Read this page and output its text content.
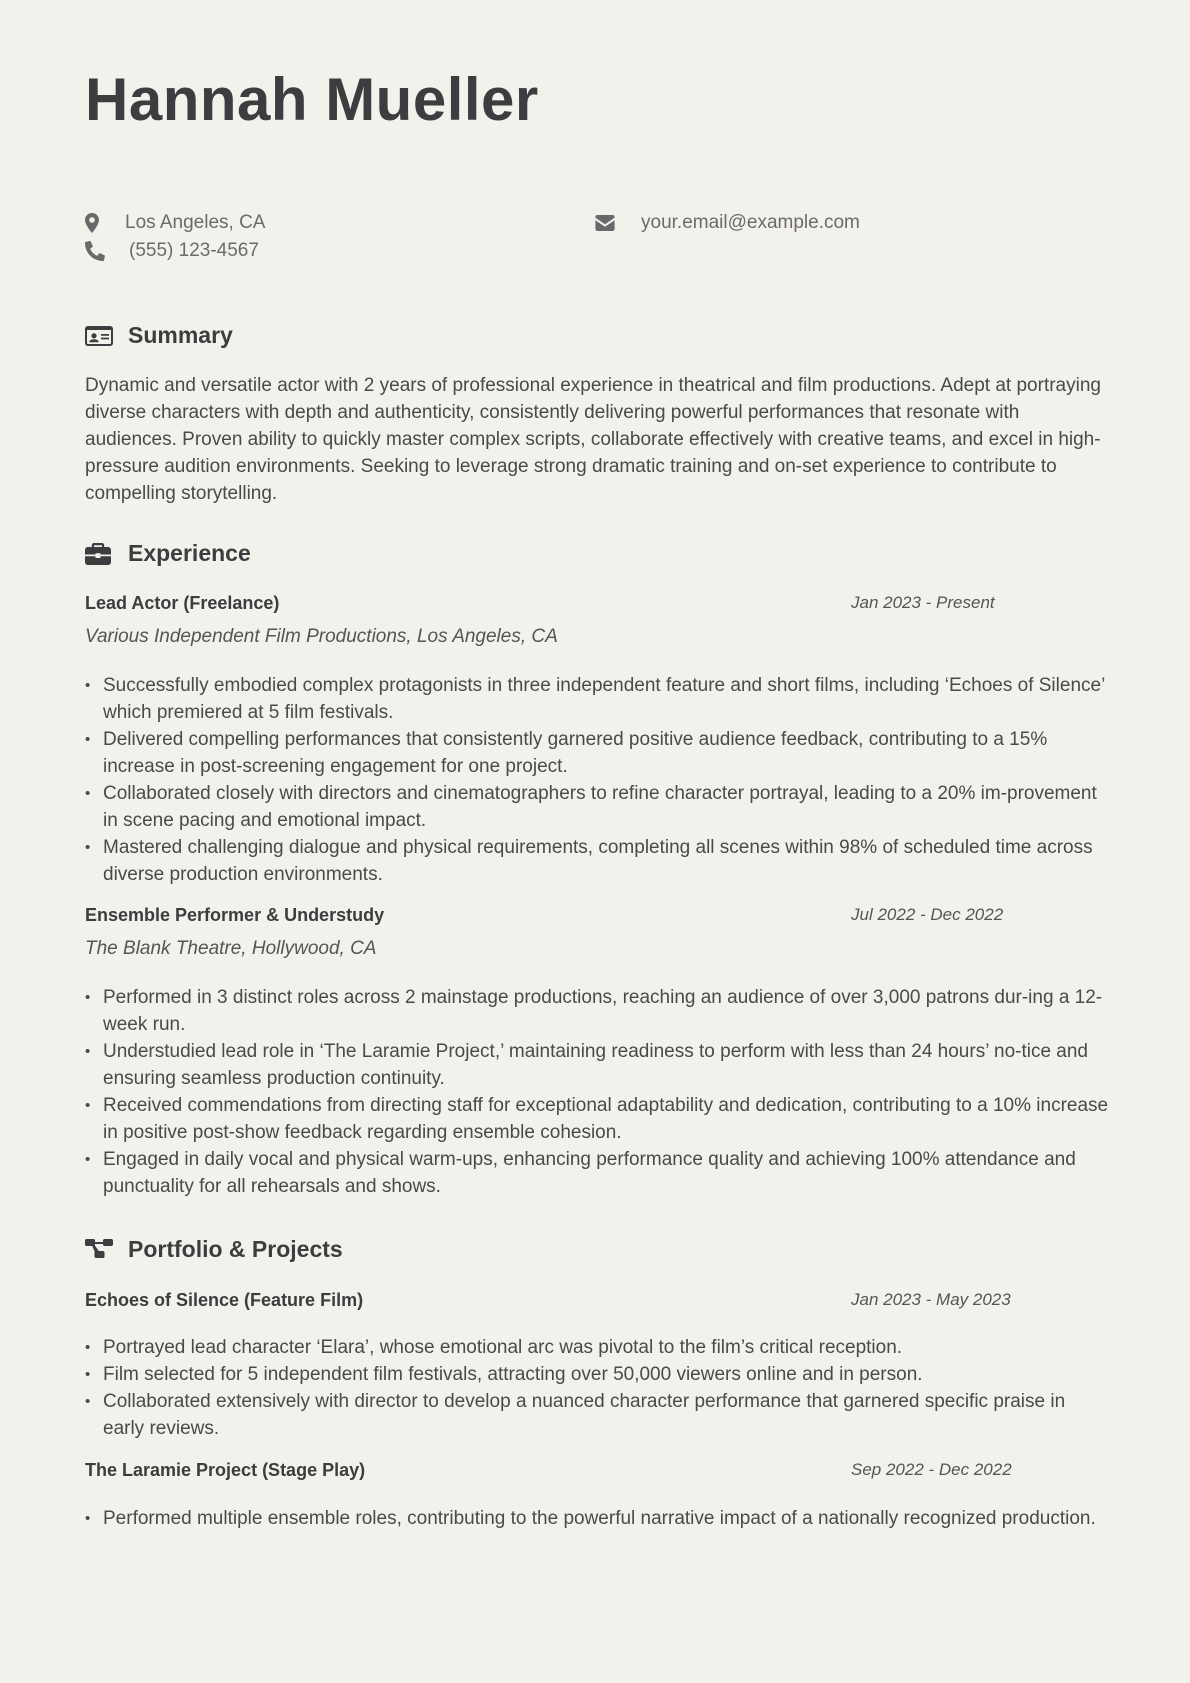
Hannah Mueller
Los Angeles, CA
(555) 123-4567
your.email@example.com
Summary

Dynamic and versatile actor with 2 years of professional experience in theatrical and film productions. Adept at portraying diverse characters with depth and authenticity, consistently delivering powerful performances that resonate with audiences. Proven ability to quickly master complex scripts, collaborate effectively with creative teams, and excel in high-pressure audition environments. Seeking to leverage strong dramatic training and on-set experience to contribute to compelling storytelling.

Experience
Lead Actor (Freelance)	Jan 2023 - Present
Various Independent Film Productions, Los Angeles, CA
• Successfully embodied complex protagonists in three independent feature and short films, including ‘Echoes of Silence’ which premiered at 5 film festivals.
• Delivered compelling performances that consistently garnered positive audience feedback, contributing to a 15% increase in post-screening engagement for one project.
• Collaborated closely with directors and cinematographers to refine character portrayal, leading to a 20% im-provement in scene pacing and emotional impact.
• Mastered challenging dialogue and physical requirements, completing all scenes within 98% of scheduled time across diverse production environments.
Ensemble Performer & Understudy	Jul 2022 - Dec 2022
The Blank Theatre, Hollywood, CA
• Performed in 3 distinct roles across 2 mainstage productions, reaching an audience of over 3,000 patrons dur-ing a 12-week run.
• Understudied lead role in ‘The Laramie Project,’ maintaining readiness to perform with less than 24 hours’ no-tice and ensuring seamless production continuity.
• Received commendations from directing staff for exceptional adaptability and dedication, contributing to a 10% increase in positive post-show feedback regarding ensemble cohesion.
• Engaged in daily vocal and physical warm-ups, enhancing performance quality and achieving 100% attendance and punctuality for all rehearsals and shows.
Portfolio & Projects
Echoes of Silence (Feature Film)	Jan 2023 - May 2023
• Portrayed lead character ‘Elara’, whose emotional arc was pivotal to the film’s critical reception.
• Film selected for 5 independent film festivals, attracting over 50,000 viewers online and in person.
• Collaborated extensively with director to develop a nuanced character performance that garnered specific praise in early reviews.
The Laramie Project (Stage Play)	Sep 2022 - Dec 2022
• Performed multiple ensemble roles, contributing to the powerful narrative impact of a nationally recognized production.
